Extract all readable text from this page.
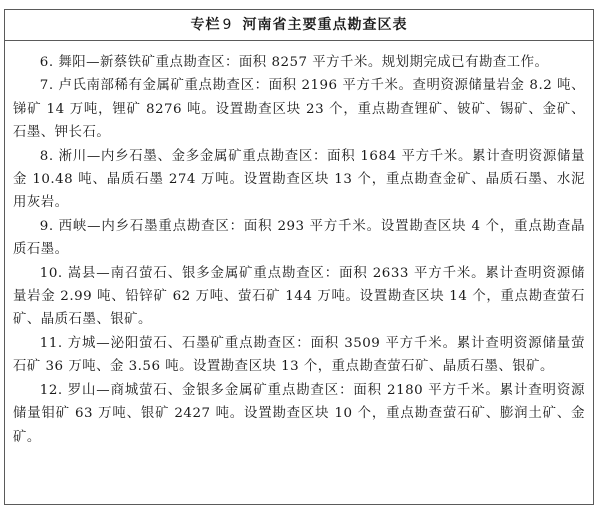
专栏 9 河南省主要重点勘查区表

6. 舞阳—新蔡铁矿重点勘查区：面积 8257 平方千米。规划期完成已有勘查工作。

7. 卢氏南部稀有金属矿重点勘查区：面积 2196 平方千米。查明资源储量岩金 8.2 吨、锑矿 14 万吨，锂矿 8276 吨。设置勘查区块 23 个，重点勘查锂矿、铍矿、锡矿、金矿、石墨、钾长石。

8. 淅川—内乡石墨、金多金属矿重点勘查区：面积 1684 平方千米。累计查明资源储量金 10.48 吨、晶质石墨 274 万吨。设置勘查区块 13 个，重点勘查金矿、晶质石墨、水泥用灰岩。

9. 西峡—内乡石墨重点勘查区：面积 293 平方千米。设置勘查区块 4 个，重点勘查晶质石墨。

10. 嵩县—南召萤石、银多金属矿重点勘查区：面积 2633 平方千米。累计查明资源储量岩金 2.99 吨、铅锌矿 62 万吨、萤石矿 144 万吨。设置勘查区块 14 个，重点勘查萤石矿、晶质石墨、银矿。

11. 方城—泌阳萤石、石墨矿重点勘查区：面积 3509 平方千米。累计查明资源储量萤石矿 36 万吨、金 3.56 吨。设置勘查区块 13 个，重点勘查萤石矿、晶质石墨、银矿。

12. 罗山—商城萤石、金银多金属矿重点勘查区：面积 2180 平方千米。累计查明资源储量钼矿 63 万吨、银矿 2427 吨。设置勘查区块 10 个，重点勘查萤石矿、膨润土矿、金矿。
